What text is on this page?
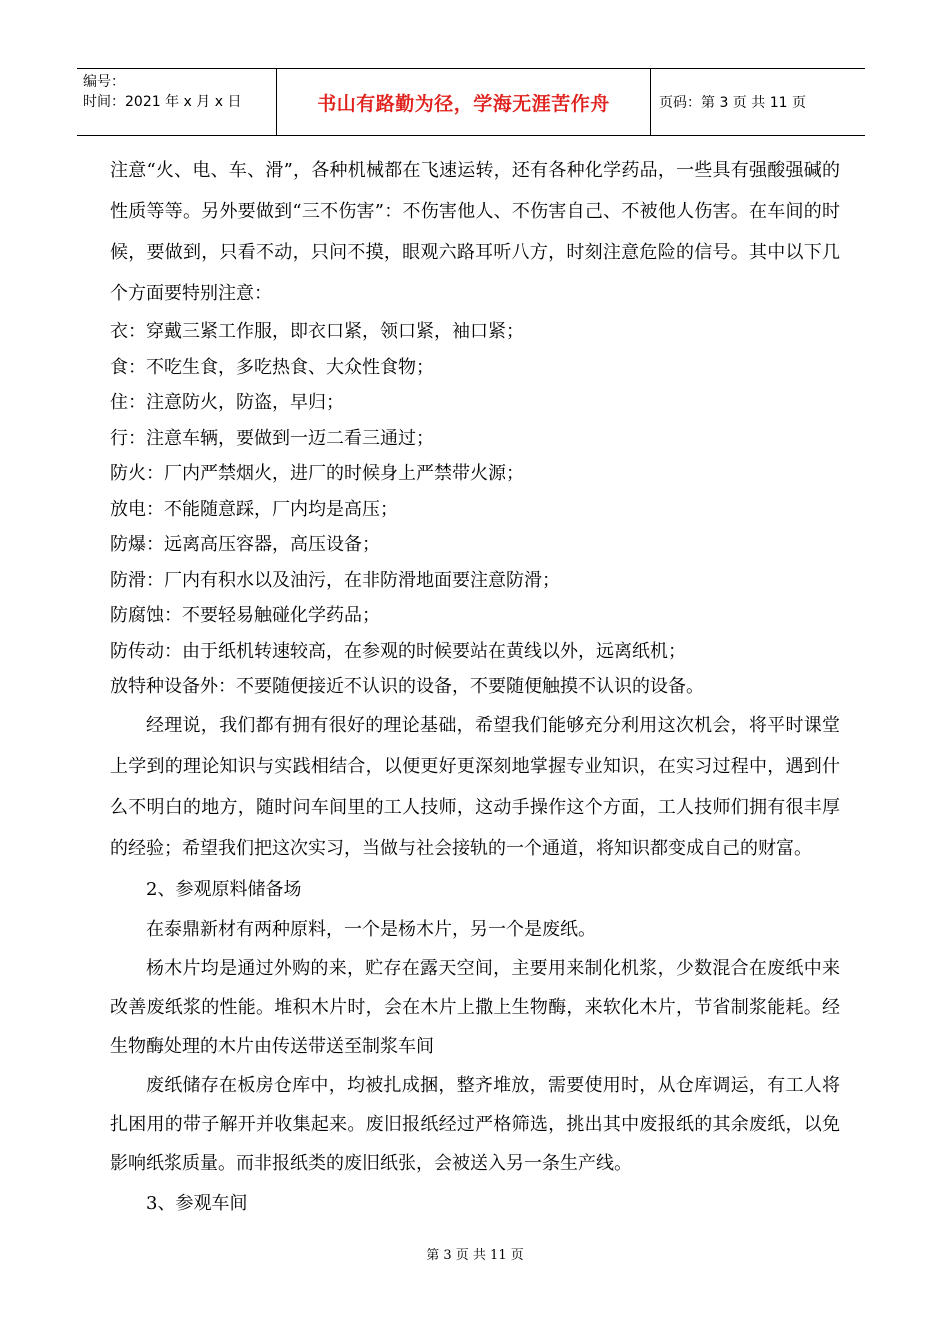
编号：
时间：2021 年 x 月 x 日	书山有路勤为径，学海无涯苦作舟	页码：第 3 页 共 11 页

注意“火、电、车、滑”，各种机械都在飞速运转，还有各种化学药品，一些具有强酸强碱的性质等等。另外要做到“三不伤害”：不伤害他人、不伤害自己、不被他人伤害。在车间的时候，要做到，只看不动，只问不摸，眼观六路耳听八方，时刻注意危险的信号。其中以下几个方面要特别注意：

衣：穿戴三紧工作服，即衣口紧，领口紧，袖口紧；

食：不吃生食，多吃热食、大众性食物；

住：注意防火，防盗，早归；

行：注意车辆，要做到一迈二看三通过；

防火：厂内严禁烟火，进厂的时候身上严禁带火源；

放电：不能随意踩，厂内均是高压；

防爆：远离高压容器，高压设备；

防滑：厂内有积水以及油污，在非防滑地面要注意防滑；

防腐蚀：不要轻易触碰化学药品；

防传动：由于纸机转速较高，在参观的时候要站在黄线以外，远离纸机；

放特种设备外：不要随便接近不认识的设备，不要随便触摸不认识的设备。

经理说，我们都有拥有很好的理论基础，希望我们能够充分利用这次机会，将平时课堂上学到的理论知识与实践相结合，以便更好更深刻地掌握专业知识，在实习过程中，遇到什么不明白的地方，随时问车间里的工人技师，这动手操作这个方面，工人技师们拥有很丰厚的经验；希望我们把这次实习，当做与社会接轨的一个通道，将知识都变成自己的财富。

2、参观原料储备场

在泰鼎新材有两种原料，一个是杨木片，另一个是废纸。

杨木片均是通过外购的来，贮存在露天空间，主要用来制化机浆，少数混合在废纸中来改善废纸浆的性能。堆积木片时，会在木片上撒上生物酶，来软化木片，节省制浆能耗。经生物酶处理的木片由传送带送至制浆车间

废纸储存在板房仓库中，均被扎成捆，整齐堆放，需要使用时，从仓库调运，有工人将扎困用的带子解开并收集起来。废旧报纸经过严格筛选，挑出其中废报纸的其余废纸，以免影响纸浆质量。而非报纸类的废旧纸张，会被送入另一条生产线。

3、参观车间

第 3 页 共 11 页
